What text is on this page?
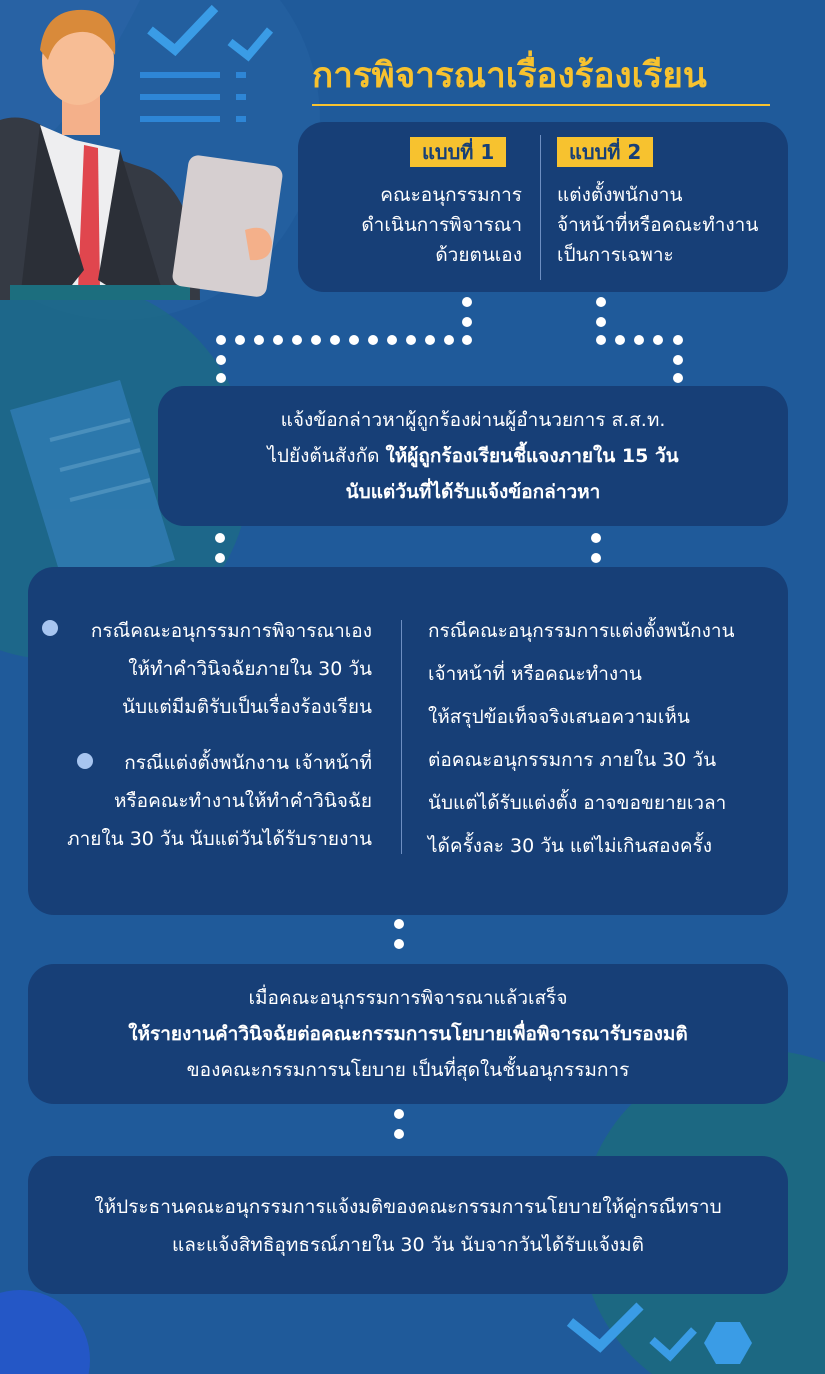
การพิจารณาเรื่องร้องเรียน
แบบที่ 1	แบบที่ 2
คณะอนุกรรมการ
ดำเนินการพิจารณา
ด้วยตนเอง
แต่งตั้งพนักงาน
จ้าหน้าที่หรือคณะทำงาน
เป็นการเฉพาะ
แจ้งข้อกล่าวหาผู้ถูกร้องผ่านผู้อำนวยการ ส.ส.ท.
ไปยังต้นสังกัด ให้ผู้ถูกร้องเรียนชี้แจงภายใน 15 วัน
นับแต่วันที่ได้รับแจ้งข้อกล่าวหา
กรณีคณะอนุกรรมการพิจารณาเอง
ให้ทำคำวินิจฉัยภายใน 30 วัน
นับแต่มีมติรับเป็นเรื่องร้องเรียน
กรณีแต่งตั้งพนักงาน เจ้าหน้าที่
หรือคณะทำงานให้ทำคำวินิจฉัย
ภายใน 30 วัน นับแต่วันได้รับรายงาน
กรณีคณะอนุกรรมการแต่งตั้งพนักงาน
เจ้าหน้าที่ หรือคณะทำงาน
ให้สรุปข้อเท็จจริงเสนอความเห็น
ต่อคณะอนุกรรมการ ภายใน 30 วัน
นับแต่ได้รับแต่งตั้ง อาจขอขยายเวลา
ได้ครั้งละ 30 วัน แต่ไม่เกินสองครั้ง
เมื่อคณะอนุกรรมการพิจารณาแล้วเสร็จ
ให้รายงานคำวินิจฉัยต่อคณะกรรมการนโยบายเพื่อพิจารณารับรองมติ
ของคณะกรรมการนโยบาย เป็นที่สุดในชั้นอนุกรรมการ
ให้ประธานคณะอนุกรรมการแจ้งมติของคณะกรรมการนโยบายให้คู่กรณีทราบ
และแจ้งสิทธิอุทธรณ์ภายใน 30 วัน นับจากวันได้รับแจ้งมติ
